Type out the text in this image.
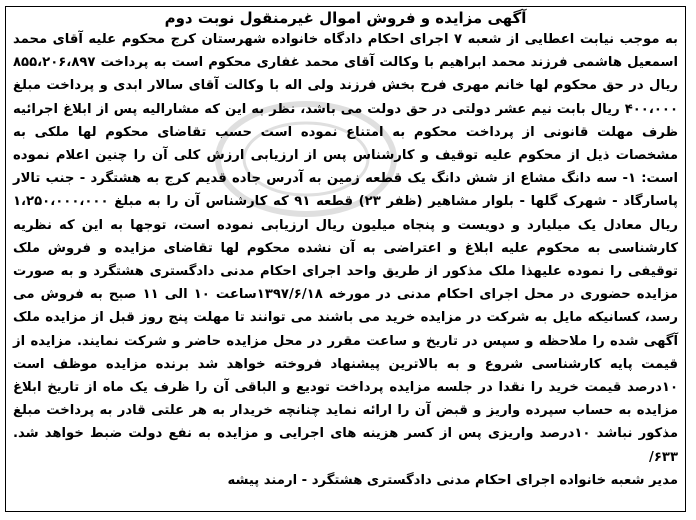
آگهی مزایده و فروش اموال غیرمنقول نوبت دوم

به موجب نیابت اعطایی از شعبه ۷ اجرای احکام دادگاه خانواده شهرستان کرج محکوم علیه آقای محمد اسمعیل هاشمی فرزند محمد ابراهیم با وکالت آقای محمد غفاری محکوم است به پرداخت ۸۵۵،۲۰۶،۸۹۷ ریال در حق محکوم لها خانم مهری فرح بخش فرزند ولی اله با وکالت آقای سالار ابدی و پرداخت مبلغ ۴۰۰،۰۰۰ ریال بابت نیم عشر دولتی در حق دولت می باشد، نظر به این که مشارالیه پس از ابلاغ اجرائیه ظرف مهلت قانونی از پرداخت محکوم به امتناع نموده است حسب تقاضای محکوم لها ملکی به مشخصات ذیل از محکوم علیه توقیف و کارشناس پس از ارزیابی ارزش کلی آن را چنین اعلام نموده است: ۱- سه دانگ مشاع از شش دانگ یک قطعه زمین به آدرس جاده قدیم کرج به هشتگرد - جنب تالار پاسارگاد - شهرک گلها - بلوار مشاهیر (ظفر ۲۳) قطعه ۹۱ که کارشناس آن را به مبلغ ۱،۲۵۰،۰۰۰،۰۰۰ ریال معادل یک میلیارد و دویست و پنجاه میلیون ریال ارزیابی نموده است، توجها به این که نظریه کارشناسی به محکوم علیه ابلاغ و اعتراضی به آن نشده محکوم لها تقاضای مزایده و فروش ملک توقیفی را نموده علیهذا ملک مذکور از طریق واحد اجرای احکام مدنی دادگستری هشتگرد و به صورت مزایده حضوری در محل اجرای احکام مدنی در مورخه ۱۳۹۷/۶/۱۸ساعت ۱۰ الی ۱۱ صبح به فروش می رسد، کسانیکه مایل به شرکت در مزایده خرید می باشند می توانند تا مهلت پنج روز قبل از مزایده ملک آگهی شده را ملاحظه و سپس در تاریخ و ساعت مقرر در محل مزایده حاضر و شرکت نمایند. مزایده از قیمت پایه کارشناسی شروع و به بالاترین پیشنهاد فروخته خواهد شد برنده مزایده موظف است ۱۰درصد قیمت خرید را نقدا در جلسه مزایده پرداخت تودیع و الباقی آن را ظرف یک ماه از تاریخ ابلاغ مزایده به حساب سپرده واریز و قبض آن را ارائه نماید چنانچه خریدار به هر علتی قادر به پرداخت مبلغ مذکور نباشد ۱۰درصد واریزی پس از کسر هزینه های اجرایی و مزایده به نفع دولت ضبط خواهد شد. ۶۳۳/

مدیر شعبه خانواده اجرای احکام مدنی دادگستری هشتگرد - ارمند پیشه
